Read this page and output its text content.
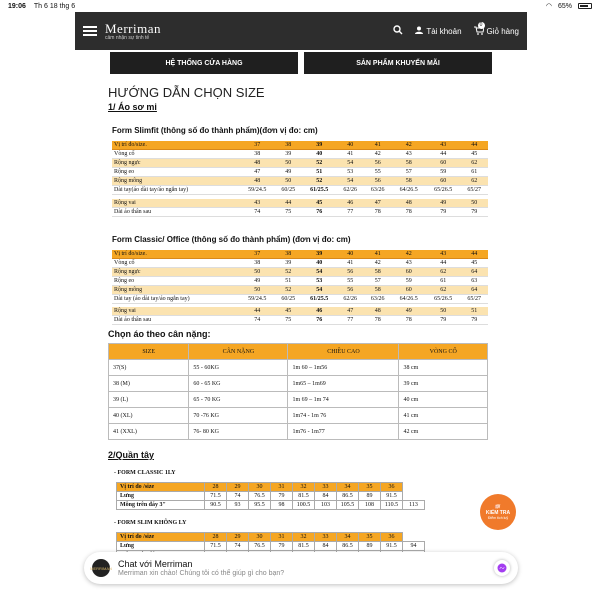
19:06 Th 6 18 thg 6	◠ 65%
Merriman
cảm nhận sự tinh tế
Tài khoản
0
Giỏ hàng
HỆ THỐNG CỬA HÀNG	SẢN PHẨM KHUYẾN MÃI
HƯỚNG DẪN CHỌN SIZE
1/ Áo sơ mi
Form Slimfit (thông số đo thành phẩm)(đơn vị đo: cm)
Vị trí đo/size.	37	38	39	40	41	42	43	44
Vòng cổ	38	39	40	41	42	43	44	45
Rộng ngực	48	50	52	54	56	58	60	62
Rộng eo	47	49	51	53	55	57	59	61
Rộng mông	48	50	52	54	56	58	60	62
Dài tay(áo dài tay/áo ngắn tay)	59/24.5	60/25	61/25.5	62/26	63/26	64/26.5	65/26.5	65/27

Rộng vai	43	44	45	46	47	48	49	50
Dài áo thân sau	74	75	76	77	78	78	79	79
Form Classic/ Office (thông số đo thành phẩm) (đơn vị đo: cm)
Vị trí đo/size.	37	38	39	40	41	42	43	44
Vòng cổ	38	39	40	41	42	43	44	45
Rộng ngực	50	52	54	56	58	60	62	64
Rộng eo	49	51	53	55	57	59	61	63
Rộng mông	50	52	54	56	58	60	62	64
Dài tay (áo dài tay/áo ngắn tay)	59/24.5	60/25	61/25.5	62/26	63/26	64/26.5	65/26.5	65/27

Rộng vai	44	45	46	47	48	49	50	51
Dài áo thân sau	74	75	76	77	78	78	79	79
Chọn áo theo cân nặng:
SIZE	CÂN NẶNG	CHIỀU CAO	VÒNG CỔ
37(S)	55 - 60KG	1m 60 – 1m56	38 cm
38 (M)	60 - 65 KG	1m65 – 1m69	39 cm
39 (L)	65 - 70 KG	1m 69 – 1m 74	40 cm
40 (XL)	70 -76 KG	1m74 - 1m 76	41 cm
41 (XXL)	76- 80 KG	1m76 - 1m77	42 cm
2/Quần tây
- FORM CLASSIC 1LY
Vị trí đo /size	28	29	30	31	32	33	34	35	36	
Lưng	71.5	74	76.5	79	81.5	84	86.5	89	91.5	
Mông trên đáy 3"	90.5	93	95.5	98	100.5	103	105.5	108	110.5	113
- FORM SLIM KHÔNG LY
Vị trí đo /size	28	29	30	31	32	33	34	35	36	
Lưng	71.5	74	76.5	79	81.5	84	86.5	89	91.5	94

🐖
KIỂM TRA
Điểm tích luỹ
MERRIMAN Chat với Merriman
Merriman xin chào! Chúng tôi có thể giúp gì cho bạn?
